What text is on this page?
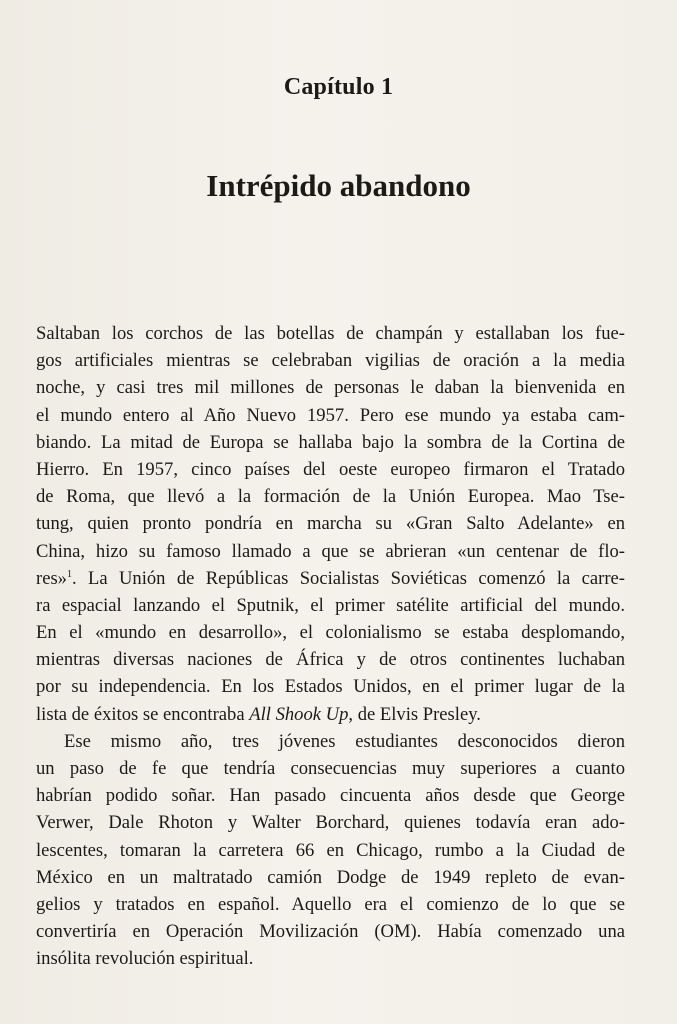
Capítulo 1
Intrépido abandono
Saltaban los corchos de las botellas de champán y estallaban los fue-
gos artificiales mientras se celebraban vigilias de oración a la media
noche, y casi tres mil millones de personas le daban la bienvenida en
el mundo entero al Año Nuevo 1957. Pero ese mundo ya estaba cam-
biando. La mitad de Europa se hallaba bajo la sombra de la Cortina de
Hierro. En 1957, cinco países del oeste europeo firmaron el Tratado
de Roma, que llevó a la formación de la Unión Europea. Mao Tse-
tung, quien pronto pondría en marcha su «Gran Salto Adelante» en
China, hizo su famoso llamado a que se abrieran «un centenar de flo-
res»$^1$. La Unión de Repúblicas Socialistas Soviéticas comenzó la carre-
ra espacial lanzando el Sputnik, el primer satélite artificial del mundo.
En el «mundo en desarrollo», el colonialismo se estaba desplomando,
mientras diversas naciones de África y de otros continentes luchaban
por su independencia. En los Estados Unidos, en el primer lugar de la
lista de éxitos se encontraba All Shook Up, de Elvis Presley.
Ese mismo año, tres jóvenes estudiantes desconocidos dieron
un paso de fe que tendría consecuencias muy superiores a cuanto
habrían podido soñar. Han pasado cincuenta años desde que George
Verwer, Dale Rhoton y Walter Borchard, quienes todavía eran ado-
lescentes, tomaran la carretera 66 en Chicago, rumbo a la Ciudad de
México en un maltratado camión Dodge de 1949 repleto de evan-
gelios y tratados en español. Aquello era el comienzo de lo que se
convertiría en Operación Movilización (OM). Había comenzado una
insólita revolución espiritual.
